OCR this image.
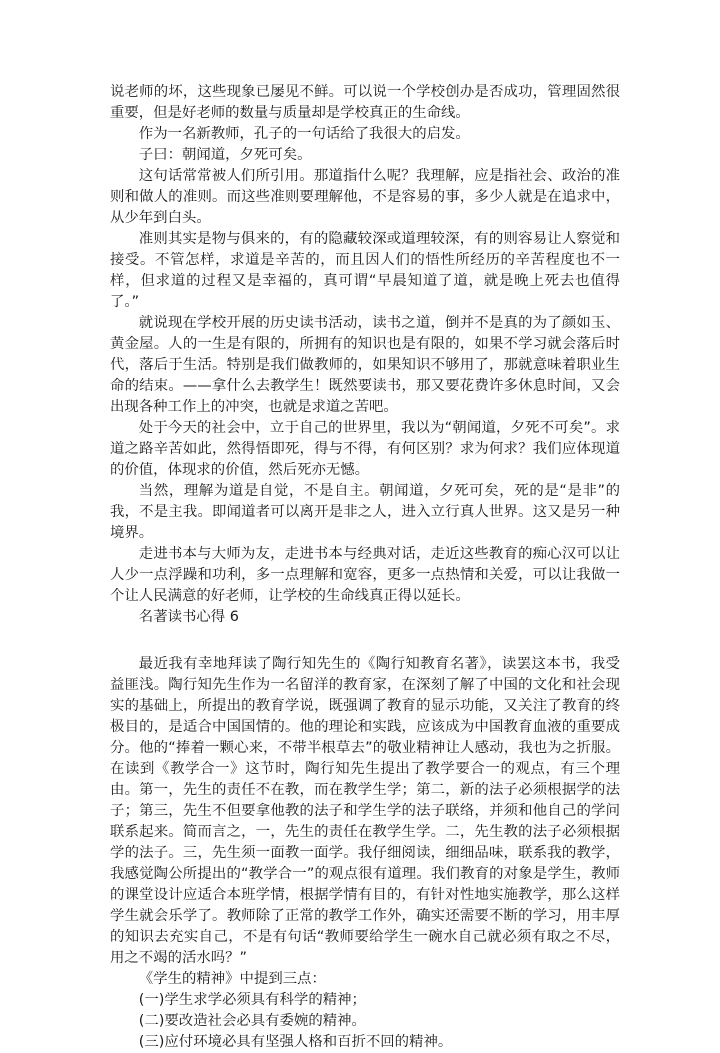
说老师的坏，这些现象已屡见不鲜。可以说一个学校创办是否成功，管理固然很重要，但是好老师的数量与质量却是学校真正的生命线。

作为一名新教师，孔子的一句话给了我很大的启发。

子曰：朝闻道，夕死可矣。

这句话常常被人们所引用。那道指什么呢？我理解，应是指社会、政治的准则和做人的准则。而这些准则要理解他，不是容易的事，多少人就是在追求中，从少年到白头。

准则其实是物与俱来的，有的隐藏较深或道理较深，有的则容易让人察觉和接受。不管怎样，求道是辛苦的，而且因人们的悟性所经历的辛苦程度也不一样，但求道的过程又是幸福的，真可谓“早晨知道了道，就是晚上死去也值得了。”

就说现在学校开展的历史读书活动，读书之道，倒并不是真的为了颜如玉、黄金屋。人的一生是有限的，所拥有的知识也是有限的，如果不学习就会落后时代，落后于生活。特别是我们做教师的，如果知识不够用了，那就意味着职业生命的结束。——拿什么去教学生！既然要读书，那又要花费许多休息时间，又会出现各种工作上的冲突，也就是求道之苦吧。

处于今天的社会中，立于自己的世界里，我以为“朝闻道，夕死不可矣”。求道之路辛苦如此，然得悟即死，得与不得，有何区别？求为何求？我们应体现道的价值，体现求的价值，然后死亦无憾。

当然，理解为道是自觉，不是自主。朝闻道，夕死可矣，死的是“是非”的我，不是主我。即闻道者可以离开是非之人，进入立行真人世界。这又是另一种境界。

走进书本与大师为友，走进书本与经典对话，走近这些教育的痴心汉可以让人少一点浮躁和功利，多一点理解和宽容，更多一点热情和关爱，可以让我做一个让人民满意的好老师，让学校的生命线真正得以延长。

名著读书心得 6

最近我有幸地拜读了陶行知先生的《陶行知教育名著》，读罢这本书，我受益匪浅。陶行知先生作为一名留洋的教育家，在深刻了解了中国的文化和社会现实的基础上，所提出的教育学说，既强调了教育的显示功能，又关注了教育的终极目的，是适合中国国情的。他的理论和实践，应该成为中国教育血液的重要成分。他的“捧着一颗心来，不带半根草去”的敬业精神让人感动，我也为之折服。在读到《教学合一》这节时，陶行知先生提出了教学要合一的观点，有三个理由。第一，先生的责任不在教，而在教学生学；第二，新的法子必须根据学的法子；第三，先生不但要拿他教的法子和学生学的法子联络，并须和他自己的学问联系起来。简而言之，一，先生的责任在教学生学。二，先生教的法子必须根据学的法子。三，先生须一面教一面学。我仔细阅读，细细品味，联系我的教学，我感觉陶公所提出的“教学合一”的观点很有道理。我们教育的对象是学生，教师的课堂设计应适合本班学情，根据学情有目的，有针对性地实施教学，那么这样学生就会乐学了。教师除了正常的教学工作外，确实还需要不断的学习，用丰厚的知识去充实自己，不是有句话“教师要给学生一碗水自己就必须有取之不尽，用之不竭的活水吗？”

《学生的精神》中提到三点：

(一)学生求学必须具有科学的精神；

(二)要改造社会必具有委婉的精神。

(三)应付环境必具有坚强人格和百折不回的精神。
